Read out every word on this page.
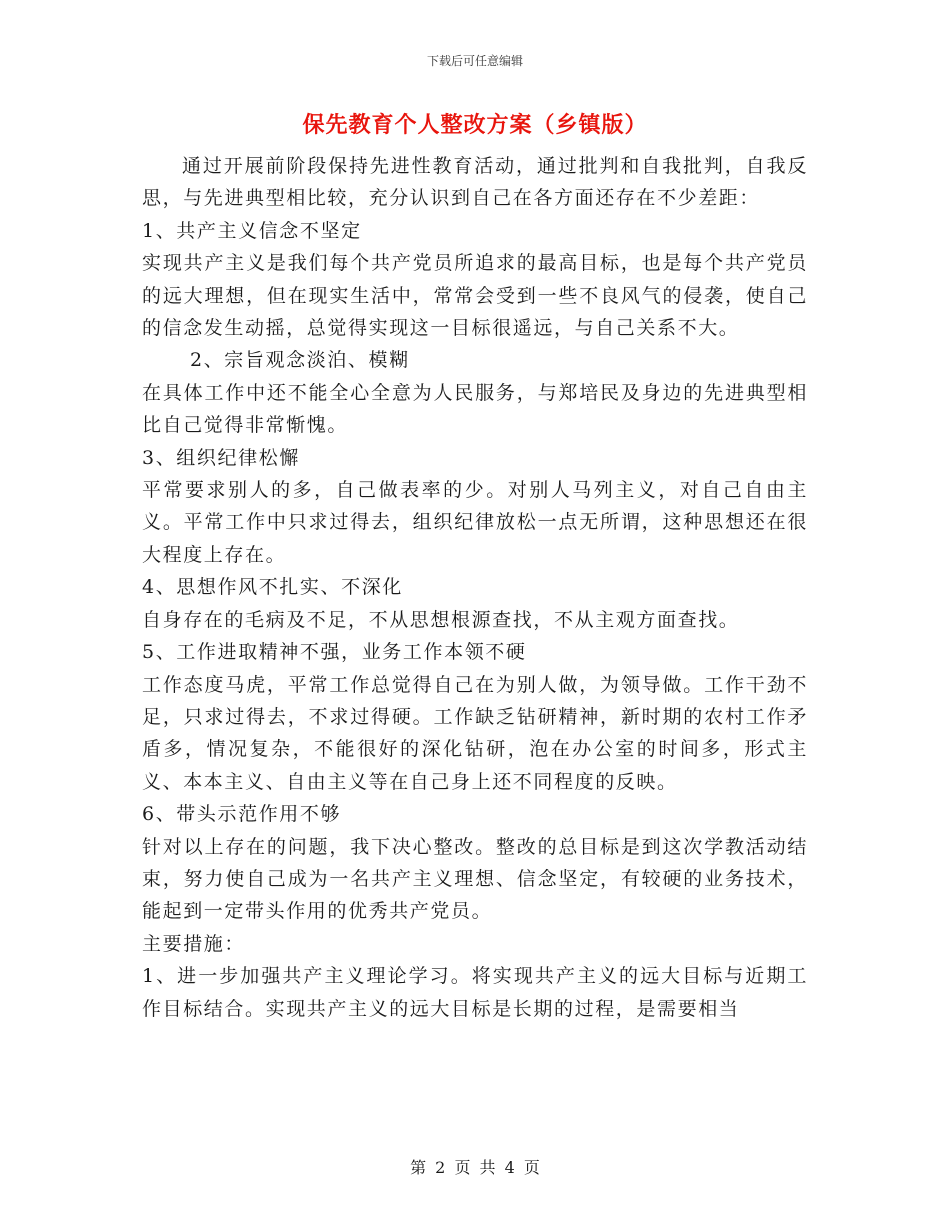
下载后可任意编辑
保先教育个人整改方案（乡镇版）

通过开展前阶段保持先进性教育活动，通过批判和自我批判，自我反思，与先进典型相比较，充分认识到自己在各方面还存在不少差距：

1、共产主义信念不坚定

实现共产主义是我们每个共产党员所追求的最高目标，也是每个共产党员的远大理想，但在现实生活中，常常会受到一些不良风气的侵袭，使自己的信念发生动摇，总觉得实现这一目标很遥远，与自己关系不大。

2、宗旨观念淡泊、模糊

在具体工作中还不能全心全意为人民服务，与郑培民及身边的先进典型相比自己觉得非常惭愧。

3、组织纪律松懈

平常要求别人的多，自己做表率的少。对别人马列主义，对自己自由主义。平常工作中只求过得去，组织纪律放松一点无所谓，这种思想还在很大程度上存在。

4、思想作风不扎实、不深化

自身存在的毛病及不足，不从思想根源查找，不从主观方面查找。

5、工作进取精神不强，业务工作本领不硬

工作态度马虎，平常工作总觉得自己在为别人做，为领导做。工作干劲不足，只求过得去，不求过得硬。工作缺乏钻研精神，新时期的农村工作矛盾多，情况复杂，不能很好的深化钻研，泡在办公室的时间多，形式主义、本本主义、自由主义等在自己身上还不同程度的反映。

6、带头示范作用不够

针对以上存在的问题，我下决心整改。整改的总目标是到这次学教活动结束，努力使自己成为一名共产主义理想、信念坚定，有较硬的业务技术，能起到一定带头作用的优秀共产党员。

主要措施：

1、进一步加强共产主义理论学习。将实现共产主义的远大目标与近期工作目标结合。实现共产主义的远大目标是长期的过程，是需要相当

第 2 页 共 4 页
